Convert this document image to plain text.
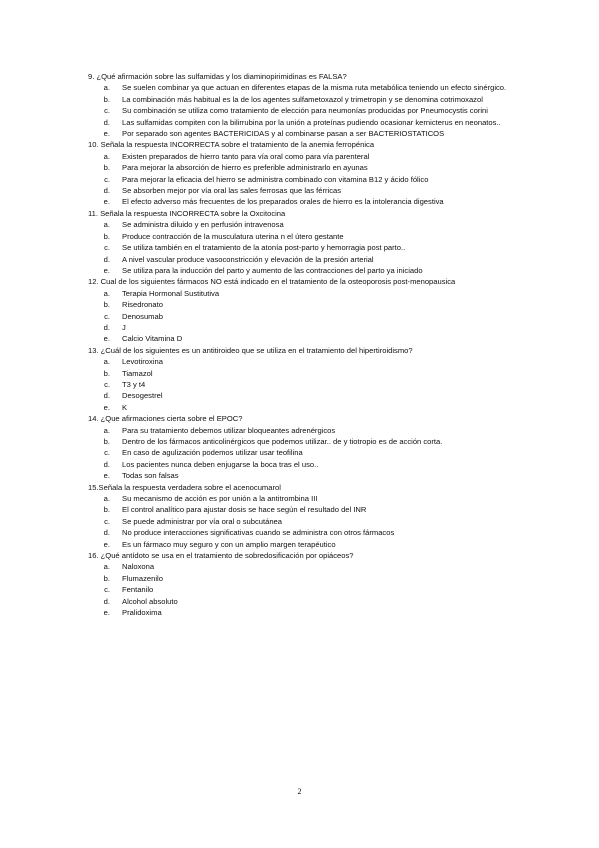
9. ¿Qué afirmación sobre las sulfamidas y los diaminopirimidinas es FALSA?
a.	Se suelen combinar ya que actuan en diferentes etapas de la misma ruta metabólica teniendo un efecto sinérgico.
b.	La combinación más habitual es la de los agentes sulfametoxazol y trimetropin y se denomina cotrimoxazol
c.	Su combinación se utiliza como tratamiento de elección para neumonías producidas por Pneumocystis corini
d.	Las sulfamidas compiten con la bilirrubina por la unión a proteínas pudiendo ocasionar kernicterus en neonatos..
e.	Por separado son agentes BACTERICIDAS y al combinarse pasan a ser BACTERIOSTATICOS
10. Señala la respuesta INCORRECTA sobre el tratamiento de la anemia ferropénica
a.	Existen preparados de hierro tanto para vía oral como para vía parenteral
b.	Para mejorar la absorción de hierro es preferible administrarlo en ayunas
c.	Para mejorar la eficacia del hierro se administra combinado con vitamina B12 y ácido fólico
d.	Se absorben mejor por vía oral las sales ferrosas que las férricas
e.	El efecto adverso más frecuentes de los preparados orales de hierro es la intolerancia digestiva
11. Señala la respuesta INCORRECTA sobre la Oxcitocina
a.	Se administra diluido y en perfusión intravenosa
b.	Produce contracción de la musculatura uterina n el útero gestante
c.	Se utiliza también en el tratamiento de la atonía post-parto y hemorragia post parto..
d.	A nivel vascular produce vasoconstricción y elevación de la presión arterial
e.	Se utiliza para la inducción del parto y aumento de las contracciones del parto ya iniciado
12. Cual de los siguientes fármacos NO está indicado en el tratamiento de la osteoporosis post-menopausica
a.	Terapia Hormonal Sustitutiva
b.	Risedronato
c.	Denosumab
d.	J
e.	Calcio Vitamina D
13. ¿Cuál de los siguientes es un antitiroideo que se utiliza en el tratamiento del hipertiroidismo?
a.	Levotiroxina
b.	Tiamazol
c.	T3 y t4
d.	Desogestrel
e.	K
14. ¿Que afirmaciones cierta sobre el EPOC?
a.	Para su tratamiento debemos utilizar bloqueantes adrenérgicos
b.	Dentro de los fármacos anticolinérgicos que podemos utilizar.. de y tiotropio es de acción corta.
c.	En caso de agulización podemos utilizar usar teofilina
d.	Los pacientes nunca deben enjugarse la boca tras el uso..
e.	Todas son falsas
15.Señala la respuesta verdadera sobre el acenocumarol
a.	Su mecanismo de acción es por unión a la antitrombina III
b.	El control analítico para ajustar dosis se hace según el resultado del INR
c.	Se puede administrar por vía oral o subcutánea
d.	No produce interacciones significativas cuando se administra con otros fármacos
e.	Es un fármaco muy seguro y con un amplio margen terapéutico
16. ¿Qué antídoto se usa en el tratamiento de sobredosificación por opiáceos?
a.	Naloxona
b.	Flumazenilo
c.	Fentanilo
d.	Alcohol absoluto
e.	Pralidoxima
2
